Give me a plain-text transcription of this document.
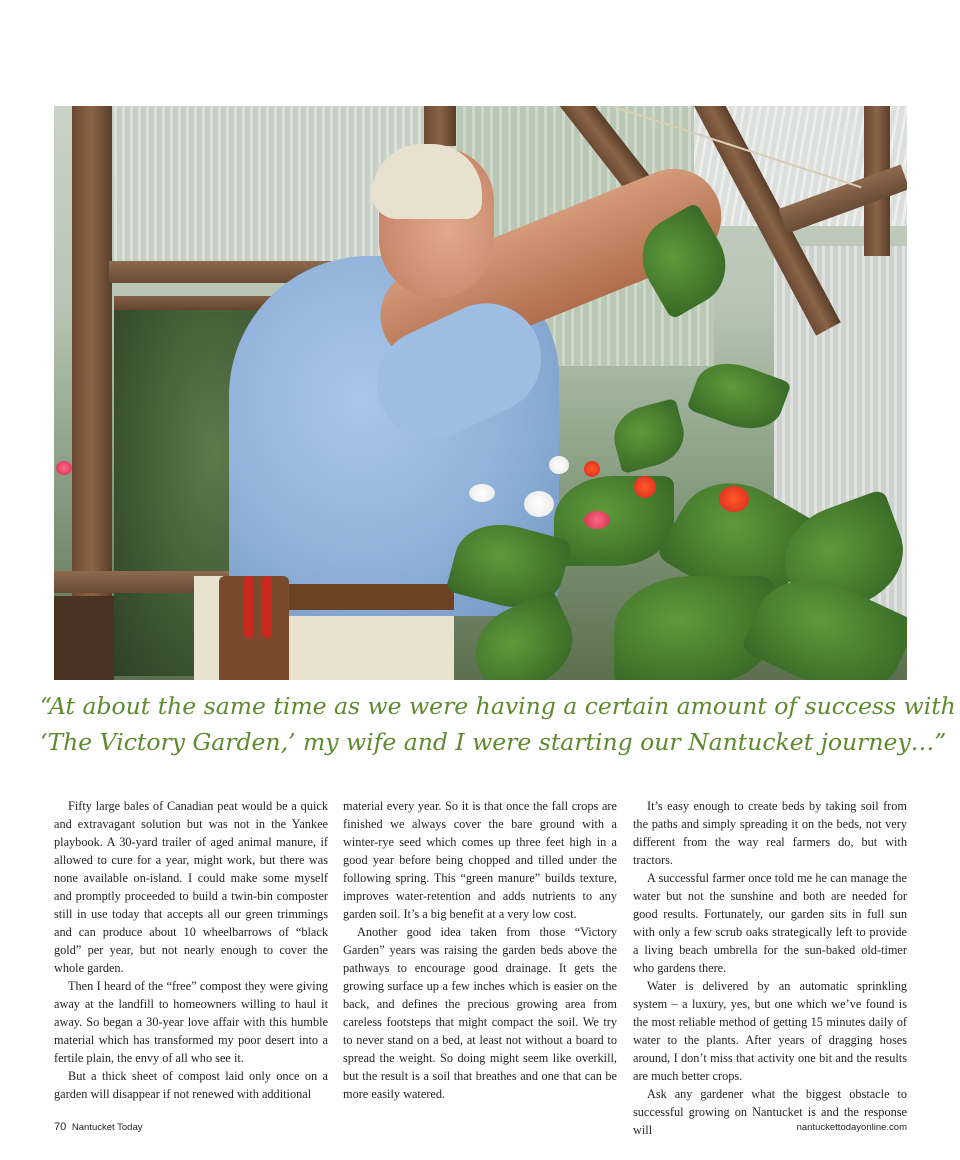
“At about the same time as we were having a certain amount of success with
‘The Victory Garden,’ my wife and I were starting our Nantucket journey…”

Fifty large bales of Canadian peat would be a quick and extravagant solution but was not in the Yankee playbook. A 30-yard trailer of aged animal manure, if allowed to cure for a year, might work, but there was none available on-island. I could make some myself and promptly proceeded to build a twin-bin composter still in use today that accepts all our green trimmings and can produce about 10 wheelbarrows of “black gold” per year, but not nearly enough to cover the whole garden.

Then I heard of the “free” compost they were giving away at the landfill to homeowners willing to haul it away. So began a 30-year love affair with this humble material which has transformed my poor desert into a fertile plain, the envy of all who see it.

But a thick sheet of compost laid only once on a garden will disappear if not renewed with additional

material every year. So it is that once the fall crops are finished we always cover the bare ground with a winter-rye seed which comes up three feet high in a good year before being chopped and tilled under the following spring. This “green manure” builds texture, improves water-retention and adds nutrients to any garden soil. It’s a big benefit at a very low cost.

Another good idea taken from those “Victory Garden” years was raising the garden beds above the pathways to encourage good drainage. It gets the growing surface up a few inches which is easier on the back, and defines the precious growing area from careless footsteps that might compact the soil. We try to never stand on a bed, at least not without a board to spread the weight. So doing might seem like overkill, but the result is a soil that breathes and one that can be more easily watered.

It’s easy enough to create beds by taking soil from the paths and simply spreading it on the beds, not very different from the way real farmers do, but with tractors.

A successful farmer once told me he can manage the water but not the sunshine and both are needed for good results. Fortunately, our garden sits in full sun with only a few scrub oaks strategically left to provide a living beach umbrella for the sun-baked old-timer who gardens there.

Water is delivered by an automatic sprinkling system – a luxury, yes, but one which we’ve found is the most reliable method of getting 15 minutes daily of water to the plants. After years of dragging hoses around, I don’t miss that activity one bit and the results are much better crops.

Ask any gardener what the biggest obstacle to successful growing on Nantucket is and the response will

70 Nantucket Today	nantuckettodayonline.com
